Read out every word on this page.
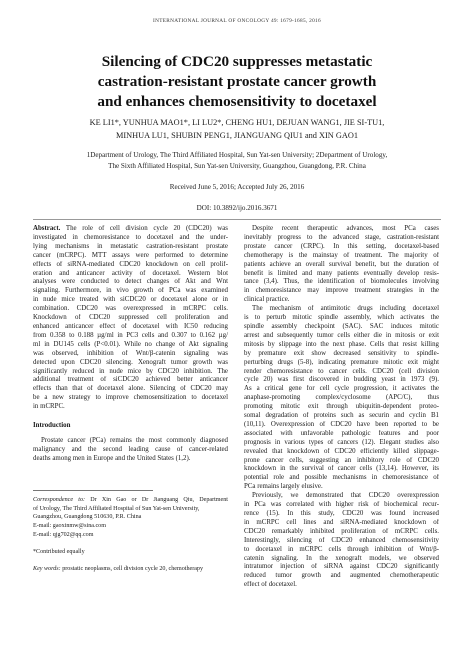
INTERNATIONAL JOURNAL OF ONCOLOGY 49: 1679-1685, 2016
Silencing of CDC20 suppresses metastatic
castration-resistant prostate cancer growth
and enhances chemosensitivity to docetaxel
KE LI1*, YUNHUA MAO1*, LI LU2*, CHENG HU1, DEJUAN WANG1, JIE SI-TU1,
MINHUA LU1, SHUBIN PENG1, JIANGUANG QIU1 and XIN GAO1
1Department of Urology, The Third Affiliated Hospital, Sun Yat-sen University; 2Department of Urology,
The Sixth Affiliated Hospital, Sun Yat-sen University, Guangzhou, Guangdong, P.R. China
Received June 5, 2016; Accepted July 26, 2016
DOI: 10.3892/ijo.2016.3671
Abstract. The role of cell division cycle 20 (CDC20) was
investigated in chemoresistance to docetaxel and the under-
lying mechanisms in metastatic castration-resistant prostate
cancer (mCRPC). MTT assays were performed to determine
effects of siRNA-mediated CDC20 knockdown on cell prolif-
eration and anticancer activity of docetaxel. Western blot
analyses were conducted to detect changes of Akt and Wnt
signaling. Furthermore, in vivo growth of PCa was examined
in nude mice treated with siCDC20 or docetaxel alone or in
combination. CDC20 was overexpressed in mCRPC cells.
Knockdown of CDC20 suppressed cell proliferation and
enhanced anticancer effect of docetaxel with IC50 reducing
from 0.358 to 0.188 µg/ml in PC3 cells and 0.307 to 0.162 µg/
ml in DU145 cells (P<0.01). While no change of Akt signaling
was observed, inhibition of Wnt/β-catenin signaling was
detected upon CDC20 silencing. Xenograft tumor growth was
significantly reduced in nude mice by CDC20 inhibition. The
additional treatment of siCDC20 achieved better anticancer
effects than that of docetaxel alone. Silencing of CDC20 may
be a new strategy to improve chemosensitization to docetaxel
in mCRPC.
Introduction
Prostate cancer (PCa) remains the most commonly diagnosed
malignancy and the second leading cause of cancer-related
deaths among men in Europe and the United States (1,2).
Correspondence to: Dr Xin Gao or Dr Jianguang Qiu, Department
of Urology, The Third Affiliated Hospital of Sun Yat-sen University,
Guangzhou, Guangdong 510630, P.R. China
E-mail: gaoxinmw@sina.com
E-mail: qjg702@qq.com
*Contributed equally
Key words: prostatic neoplasms, cell division cycle 20, chemotherapy
Despite recent therapeutic advances, most PCa cases
inevitably progress to the advanced stage, castration-resistant
prostate cancer (CRPC). In this setting, docetaxel-based
chemotherapy is the mainstay of treatment. The majority of
patients achieve an overall survival benefit, but the duration of
benefit is limited and many patients eventually develop resis-
tance (3,4). Thus, the identification of biomolecules involving
in chemoresistance may improve treatment strategies in the
clinical practice.
The mechanism of antimitotic drugs including docetaxel
is to perturb mitotic spindle assembly, which activates the
spindle assembly checkpoint (SAC). SAC induces mitotic
arrest and subsequently tumor cells either die in mitosis or exit
mitosis by slippage into the next phase. Cells that resist killing
by premature exit show decreased sensitivity to spindle-
perturbing drugs (5-8), indicating premature mitotic exit might
render chemoresistance to cancer cells. CDC20 (cell division
cycle 20) was first discovered in budding yeast in 1973 (9).
As a critical gene for cell cycle progression, it activates the
anaphase-promoting complex/cyclosome (APC/C), thus
promoting mitotic exit through ubiquitin-dependent proteo-
somal degradation of proteins such as securin and cyclin B1
(10,11). Overexpression of CDC20 have been reported to be
associated with unfavorable pathologic features and poor
prognosis in various types of cancers (12). Elegant studies also
revealed that knockdown of CDC20 efficiently killed slippage-
prone cancer cells, suggesting an inhibitory role of CDC20
knockdown in the survival of cancer cells (13,14). However, its
potential role and possible mechanisms in chemoresistance of
PCa remains largely elusive.
Previously, we demonstrated that CDC20 overexpression
in PCa was correlated with higher risk of biochemical recur-
rence (15). In this study, CDC20 was found increased
in mCRPC cell lines and siRNA-mediated knockdown of
CDC20 remarkably inhibited proliferation of mCRPC cells.
Interestingly, silencing of CDC20 enhanced chemosensitivity
to docetaxel in mCRPC cells through inhibition of Wnt/β-
catenin signaling. In the xenograft models, we observed
intratumor injection of siRNA against CDC20 significantly
reduced tumor growth and augmented chemotherapeutic
effect of docetaxel.
